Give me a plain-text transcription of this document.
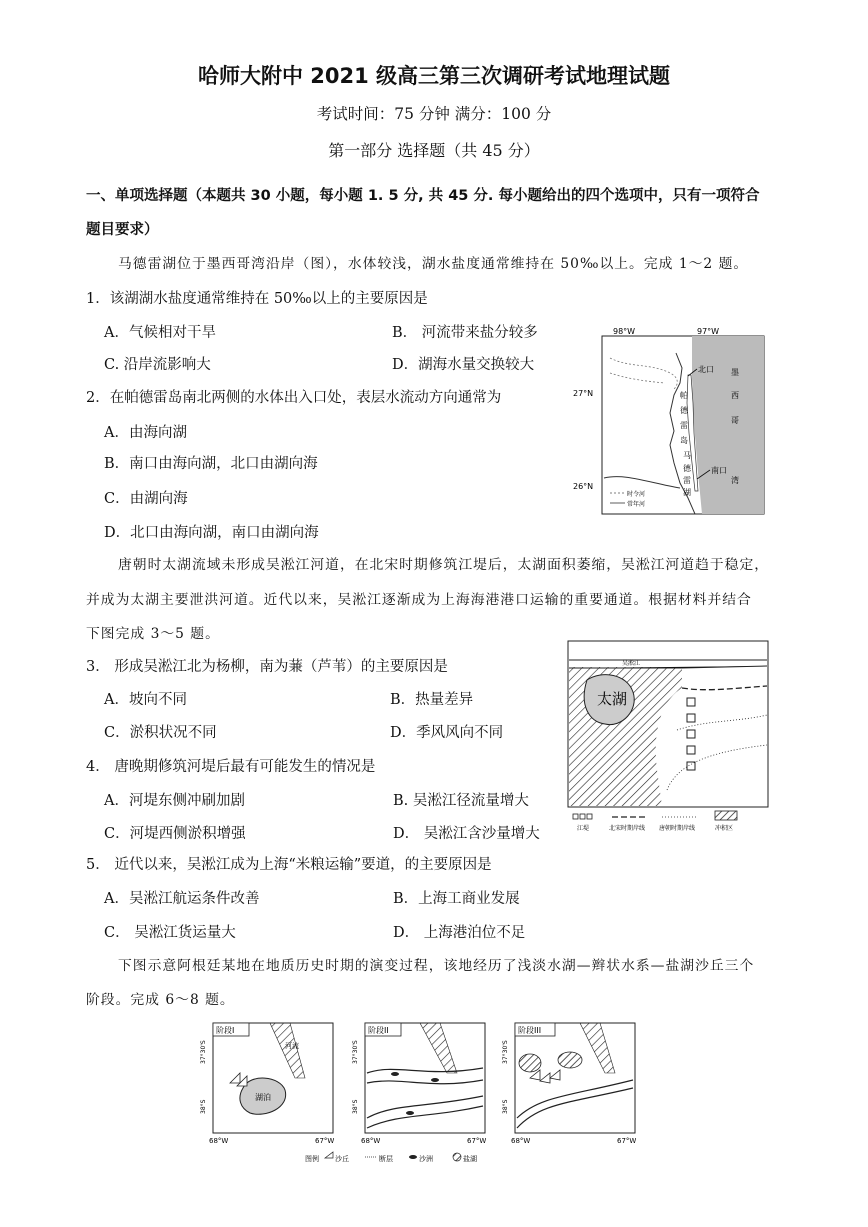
哈师大附中 2021 级高三第三次调研考试地理试题
考试时间：75 分钟 满分：100 分
第一部分 选择题（共 45 分）
一、单项选择题（本题共 30 小题，每小题 1. 5 分, 共 45 分. 每小题给出的四个选项中，只有一项符合
题目要求）
马德雷湖位于墨西哥湾沿岸（图），水体较浅，湖水盐度通常维持在 50‰以上。完成 1～2 题。
1．该湖湖水盐度通常维持在 50‰以上的主要原因是
A．气候相对干旱	B． 河流带来盐分较多
C. 沿岸流影响大	D．湖海水量交换较大
2．在帕德雷岛南北两侧的水体出入口处，表层水流动方向通常为
A．由海向湖
B．南口由海向湖，北口由湖向海
C．由湖向海
D．北口由海向湖，南口由湖向海
98°W	97°W
27°N
26°N
北口
南口
帕
德
雷
岛
墨
西
哥
湾
马
德
雷
湖
时令河
常年河
唐朝时太湖流域未形成吴淞江河道，在北宋时期修筑江堤后，太湖面积萎缩，吴淞江河道趋于稳定，
并成为太湖主要泄洪河道。近代以来，吴淞江逐渐成为上海海港港口运输的重要通道。根据材料并结合
下图完成 3～5 题。
3． 形成吴淞江北为杨柳，南为蒹（芦苇）的主要原因是
A．坡向不同	B．热量差异
C．淤积状况不同	D．季风风向不同
4． 唐晚期修筑河堤后最有可能发生的情况是
A．河堤东侧冲刷加剧	B. 吴淞江径流量增大
C．河堤西侧淤积增强	D． 吴淞江含沙量增大
吴淞江
太湖
江堤	北宋时期岸线 唐朝时期岸线	冲积区
5． 近代以来，吴淞江成为上海“米粮运输”要道，的主要原因是
A．吴淞江航运条件改善	B．上海工商业发展
C． 吴淞江货运量大	D． 上海港泊位不足
下图示意阿根廷某地在地质历史时期的演变过程，该地经历了浅淡水湖—辫状水系—盐湖沙丘三个
阶段。完成 6～8 题。
阶段I
河流
湖泊
37°30'S
38°S
68°W	67°W
阶段II
37°30'S
38°S
68°W	67°W
阶段III
37°30'S
38°S
68°W	67°W
图例 沙丘	断层	沙洲	盐湖
